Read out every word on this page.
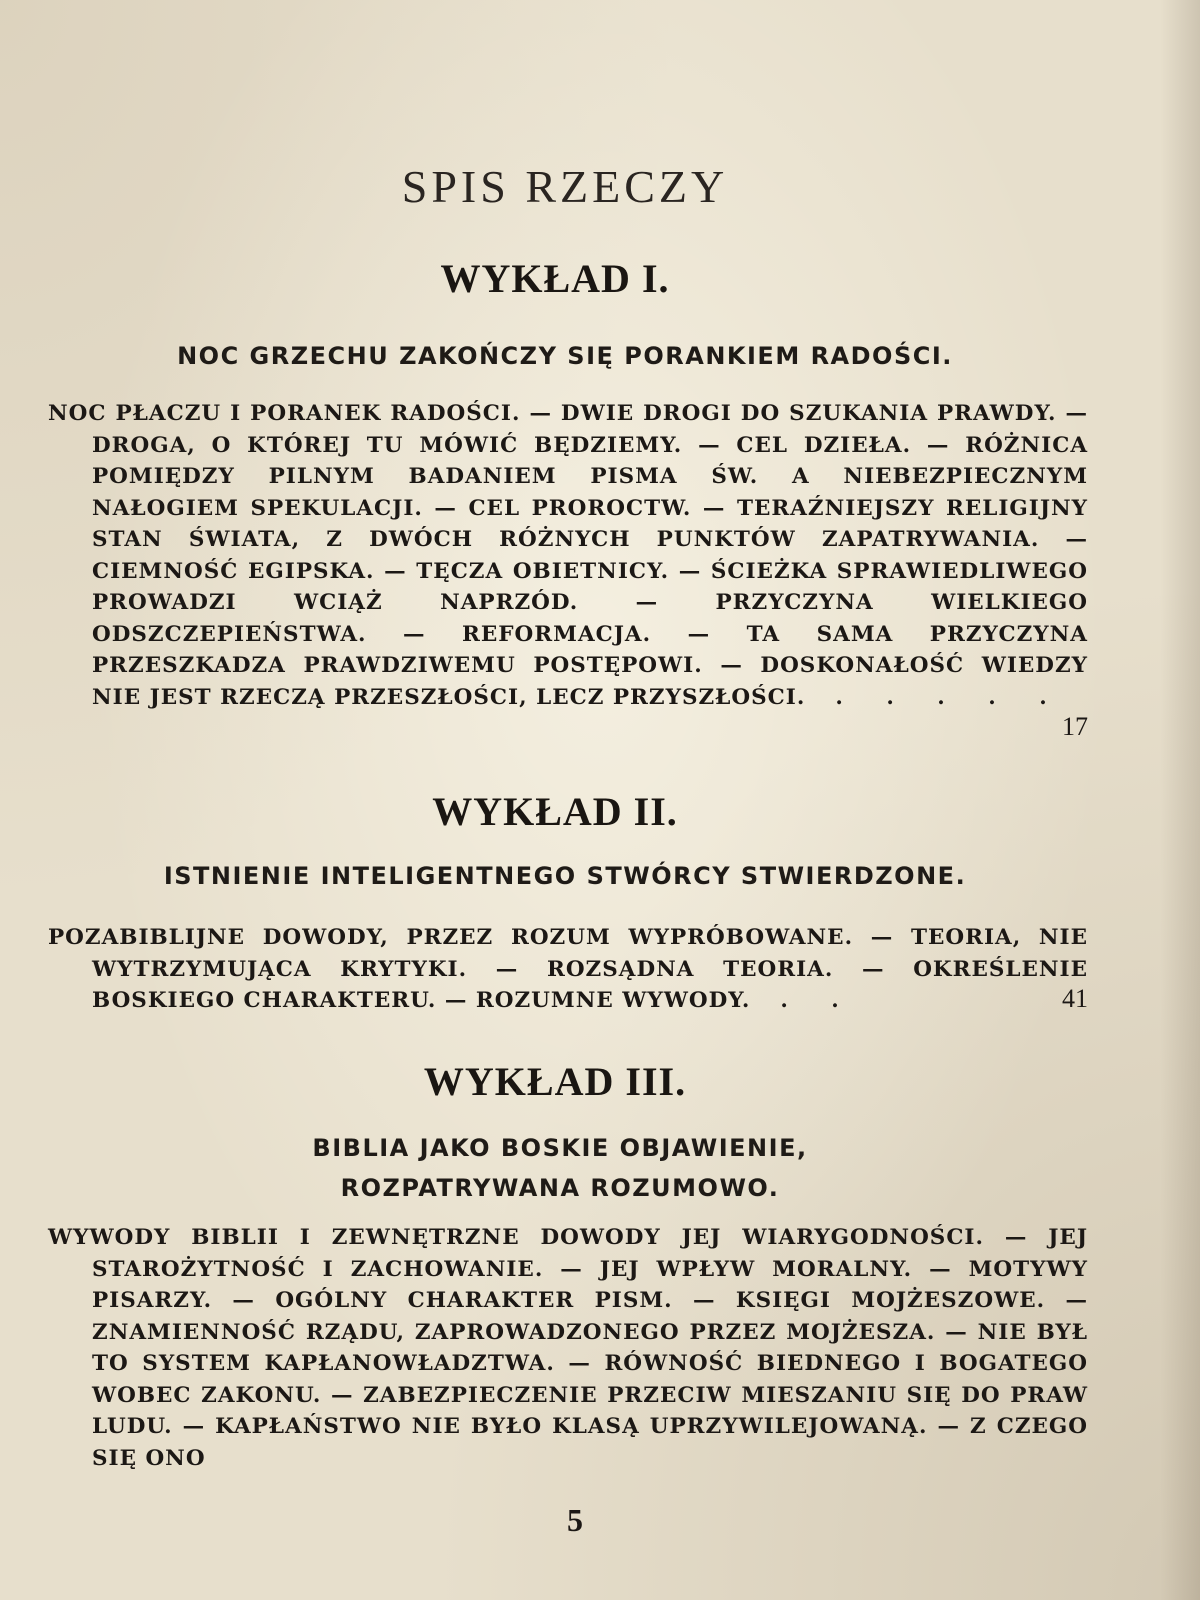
SPIS RZECZY
WYKŁAD I.
NOC GRZECHU ZAKOŃCZY SIĘ PORANKIEM RADOŚCI.
NOC PŁACZU I PORANEK RADOŚCI. — DWIE DROGI DO SZUKANIA PRAWDY. — DROGA, O KTÓREJ TU MÓWIĆ BĘDZIEMY. — CEL DZIEŁA. — RÓŻNICA POMIĘDZY PILNYM BADANIEM PISMA ŚW. A NIEBEZPIECZNYM NAŁOGIEM SPEKULACJI. — CEL PROROCTW. — TERAŹNIEJSZY RELIGIJNY STAN ŚWIATA, Z DWÓCH RÓŻNYCH PUNKTÓW ZAPATRYWANIA. — CIEMNOŚĆ EGIPSKA. — TĘCZA OBIETNICY. — ŚCIEŻKA SPRAWIEDLIWEGO PROWADZI WCIĄŻ NAPRZÓD. — PRZYCZYNA WIELKIEGO ODSZCZEPIEŃSTWA. — REFORMACJA. — TA SAMA PRZYCZYNA PRZESZKADZA PRAWDZIWEMU POSTĘPOWI. — DOSKONAŁOŚĆ WIEDZY NIE JEST RZECZĄ PRZESZŁOŚCI, LECZ PRZYSZŁOŚCI. . . . . .
17
WYKŁAD II.
ISTNIENIE INTELIGENTNEGO STWÓRCY STWIERDZONE.
POZABIBLIJNE DOWODY, PRZEZ ROZUM WYPRÓBOWANE. — TEORIA, NIE WYTRZYMUJĄCA KRYTYKI. — ROZSĄDNA TEORIA. — OKREŚLENIE BOSKIEGO CHARAKTERU. — ROZUMNE WYWODY. . .	41
WYKŁAD III.
BIBLIA JAKO BOSKIE OBJAWIENIE, ROZPATRYWANA ROZUMOWO.
WYWODY BIBLII I ZEWNĘTRZNE DOWODY JEJ WIARYGODNOŚCI. — JEJ STAROŻYTNOŚĆ I ZACHOWANIE. — JEJ WPŁYW MORALNY. — MOTYWY PISARZY. — OGÓLNY CHARAKTER PISM. — KSIĘGI MOJŻESZOWE. — ZNAMIENNOŚĆ RZĄDU, ZAPROWADZONEGO PRZEZ MOJŻESZA. — NIE BYŁ TO SYSTEM KAPŁANOWŁADZTWA. — RÓWNOŚĆ BIEDNEGO I BOGATEGO WOBEC ZAKONU. — ZABEZPIECZENIE PRZECIW MIESZANIU SIĘ DO PRAW LUDU. — KAPŁAŃSTWO NIE BYŁO KLASĄ UPRZYWILEJOWANĄ. — Z CZEGO SIĘ ONO
5
